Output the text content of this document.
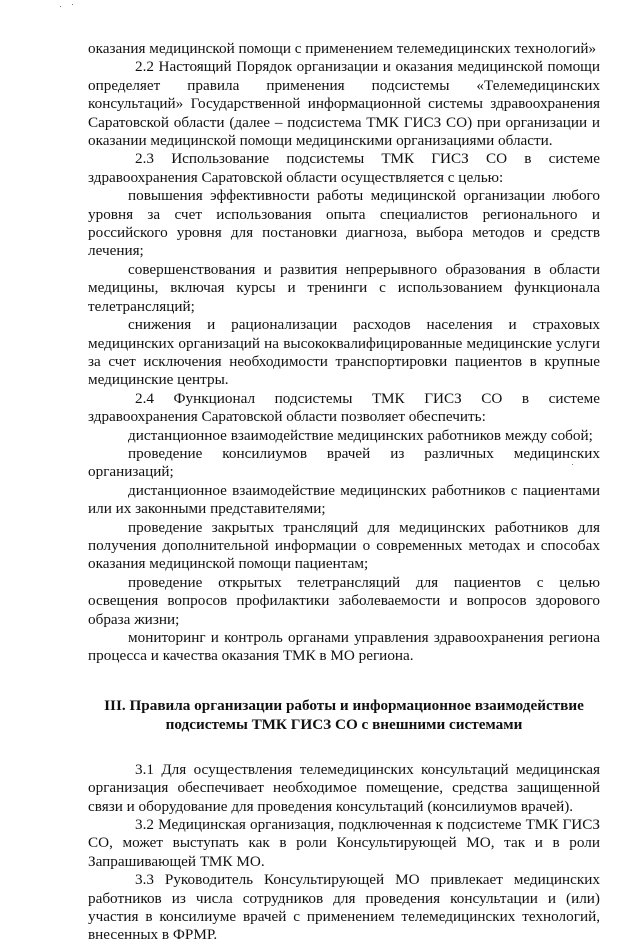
оказания медицинской помощи с применением телемедицинских технологий»

2.2 Настоящий Порядок организации и оказания медицинской помощи определяет правила применения подсистемы «Телемедицинских консультаций» Государственной информационной системы здравоохранения Саратовской области (далее – подсистема ТМК ГИСЗ СО) при организации и оказании медицинской помощи медицинскими организациями области.

2.3 Использование подсистемы ТМК ГИСЗ СО в системе здравоохранения Саратовской области осуществляется с целью:

повышения эффективности работы медицинской организации любого уровня за счет использования опыта специалистов регионального и российского уровня для постановки диагноза, выбора методов и средств лечения;

совершенствования и развития непрерывного образования в области медицины, включая курсы и тренинги с использованием функционала телетрансляций;

снижения и рационализации расходов населения и страховых медицинских организаций на высококвалифицированные медицинские услуги за счет исключения необходимости транспортировки пациентов в крупные медицинские центры.

2.4 Функционал подсистемы ТМК ГИСЗ СО в системе здравоохранения Саратовской области позволяет обеспечить:

дистанционное взаимодействие медицинских работников между собой;

проведение консилиумов врачей из различных медицинских организаций;

дистанционное взаимодействие медицинских работников с пациентами или их законными представителями;

проведение закрытых трансляций для медицинских работников для получения дополнительной информации о современных методах и способах оказания медицинской помощи пациентам;

проведение открытых телетрансляций для пациентов с целью освещения вопросов профилактики заболеваемости и вопросов здорового образа жизни;

мониторинг и контроль органами управления здравоохранения региона процесса и качества оказания ТМК в МО региона.

III. Правила организации работы и информационное взаимодействие
подсистемы ТМК ГИСЗ СО с внешними системами

3.1 Для осуществления телемедицинских консультаций медицинская организация обеспечивает необходимое помещение, средства защищенной связи и оборудование для проведения консультаций (консилиумов врачей).

3.2 Медицинская организация, подключенная к подсистеме ТМК ГИСЗ СО, может выступать как в роли Консультирующей МО, так и в роли Запрашивающей ТМК МО.

3.3 Руководитель Консультирующей МО привлекает медицинских работников из числа сотрудников для проведения консультации и (или) участия в консилиуме врачей с применением телемедицинских технологий, внесенных в ФРМР.
